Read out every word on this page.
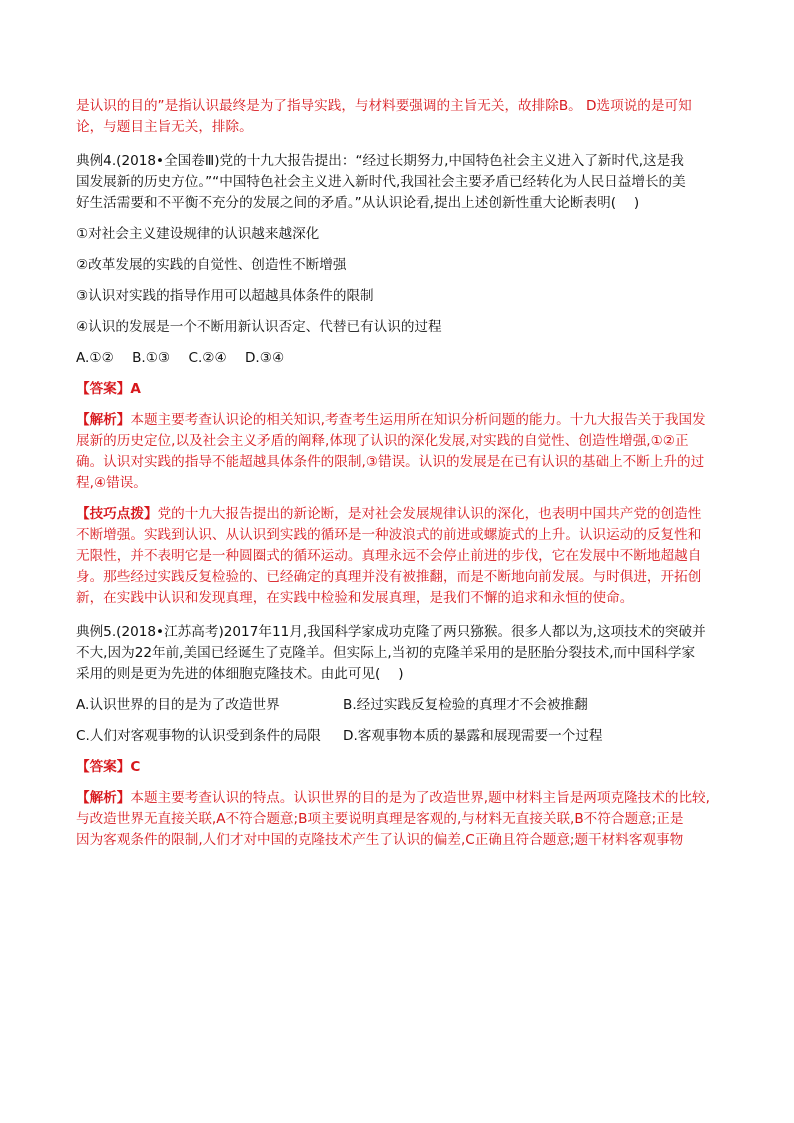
是认识的目的”是指认识最终是为了指导实践，与材料要强调的主旨无关，故排除B。 D选项说的是可知
论，与题目主旨无关，排除。
典例4.(2018•全国卷Ⅲ)党的十九大报告提出：“经过长期努力,中国特色社会主义进入了新时代,这是我
国发展新的历史方位。”“中国特色社会主义进入新时代,我国社会主要矛盾已经转化为人民日益增长的美
好生活需要和不平衡不充分的发展之间的矛盾。”从认识论看,提出上述创新性重大论断表明(　 )
①对社会主义建设规律的认识越来越深化
②改革发展的实践的自觉性、创造性不断增强
③认识对实践的指导作用可以超越具体条件的限制
④认识的发展是一个不断用新认识否定、代替已有认识的过程
A.①② B.①③ C.②④ D.③④
【答案】A
【解析】本题主要考查认识论的相关知识,考查考生运用所在知识分析问题的能力。十九大报告关于我国发
展新的历史定位,以及社会主义矛盾的阐释,体现了认识的深化发展,对实践的自觉性、创造性增强,①②正
确。认识对实践的指导不能超越具体条件的限制,③错误。认识的发展是在已有认识的基础上不断上升的过
程,④错误。
【技巧点拨】党的十九大报告提出的新论断，是对社会发展规律认识的深化，也表明中国共产党的创造性
不断增强。实践到认识、从认识到实践的循环是一种波浪式的前进或螺旋式的上升。认识运动的反复性和
无限性，并不表明它是一种圆圈式的循环运动。真理永远不会停止前进的步伐，它在发展中不断地超越自
身。那些经过实践反复检验的、已经确定的真理并没有被推翻，而是不断地向前发展。与时俱进，开拓创
新，在实践中认识和发现真理，在实践中检验和发展真理，是我们不懈的追求和永恒的使命。
典例5.(2018•江苏高考)2017年11月,我国科学家成功克隆了两只猕猴。很多人都以为,这项技术的突破并
不大,因为22年前,美国已经诞生了克隆羊。但实际上,当初的克隆羊采用的是胚胎分裂技术,而中国科学家
采用的则是更为先进的体细胞克隆技术。由此可见(　 )
A.认识世界的目的是为了改造世界	B.经过实践反复检验的真理才不会被推翻
C.人们对客观事物的认识受到条件的局限	D.客观事物本质的暴露和展现需要一个过程
【答案】C
【解析】本题主要考查认识的特点。认识世界的目的是为了改造世界,题中材料主旨是两项克隆技术的比较,
与改造世界无直接关联,A不符合题意;B项主要说明真理是客观的,与材料无直接关联,B不符合题意;正是
因为客观条件的限制,人们才对中国的克隆技术产生了认识的偏差,C正确且符合题意;题干材料客观事物
